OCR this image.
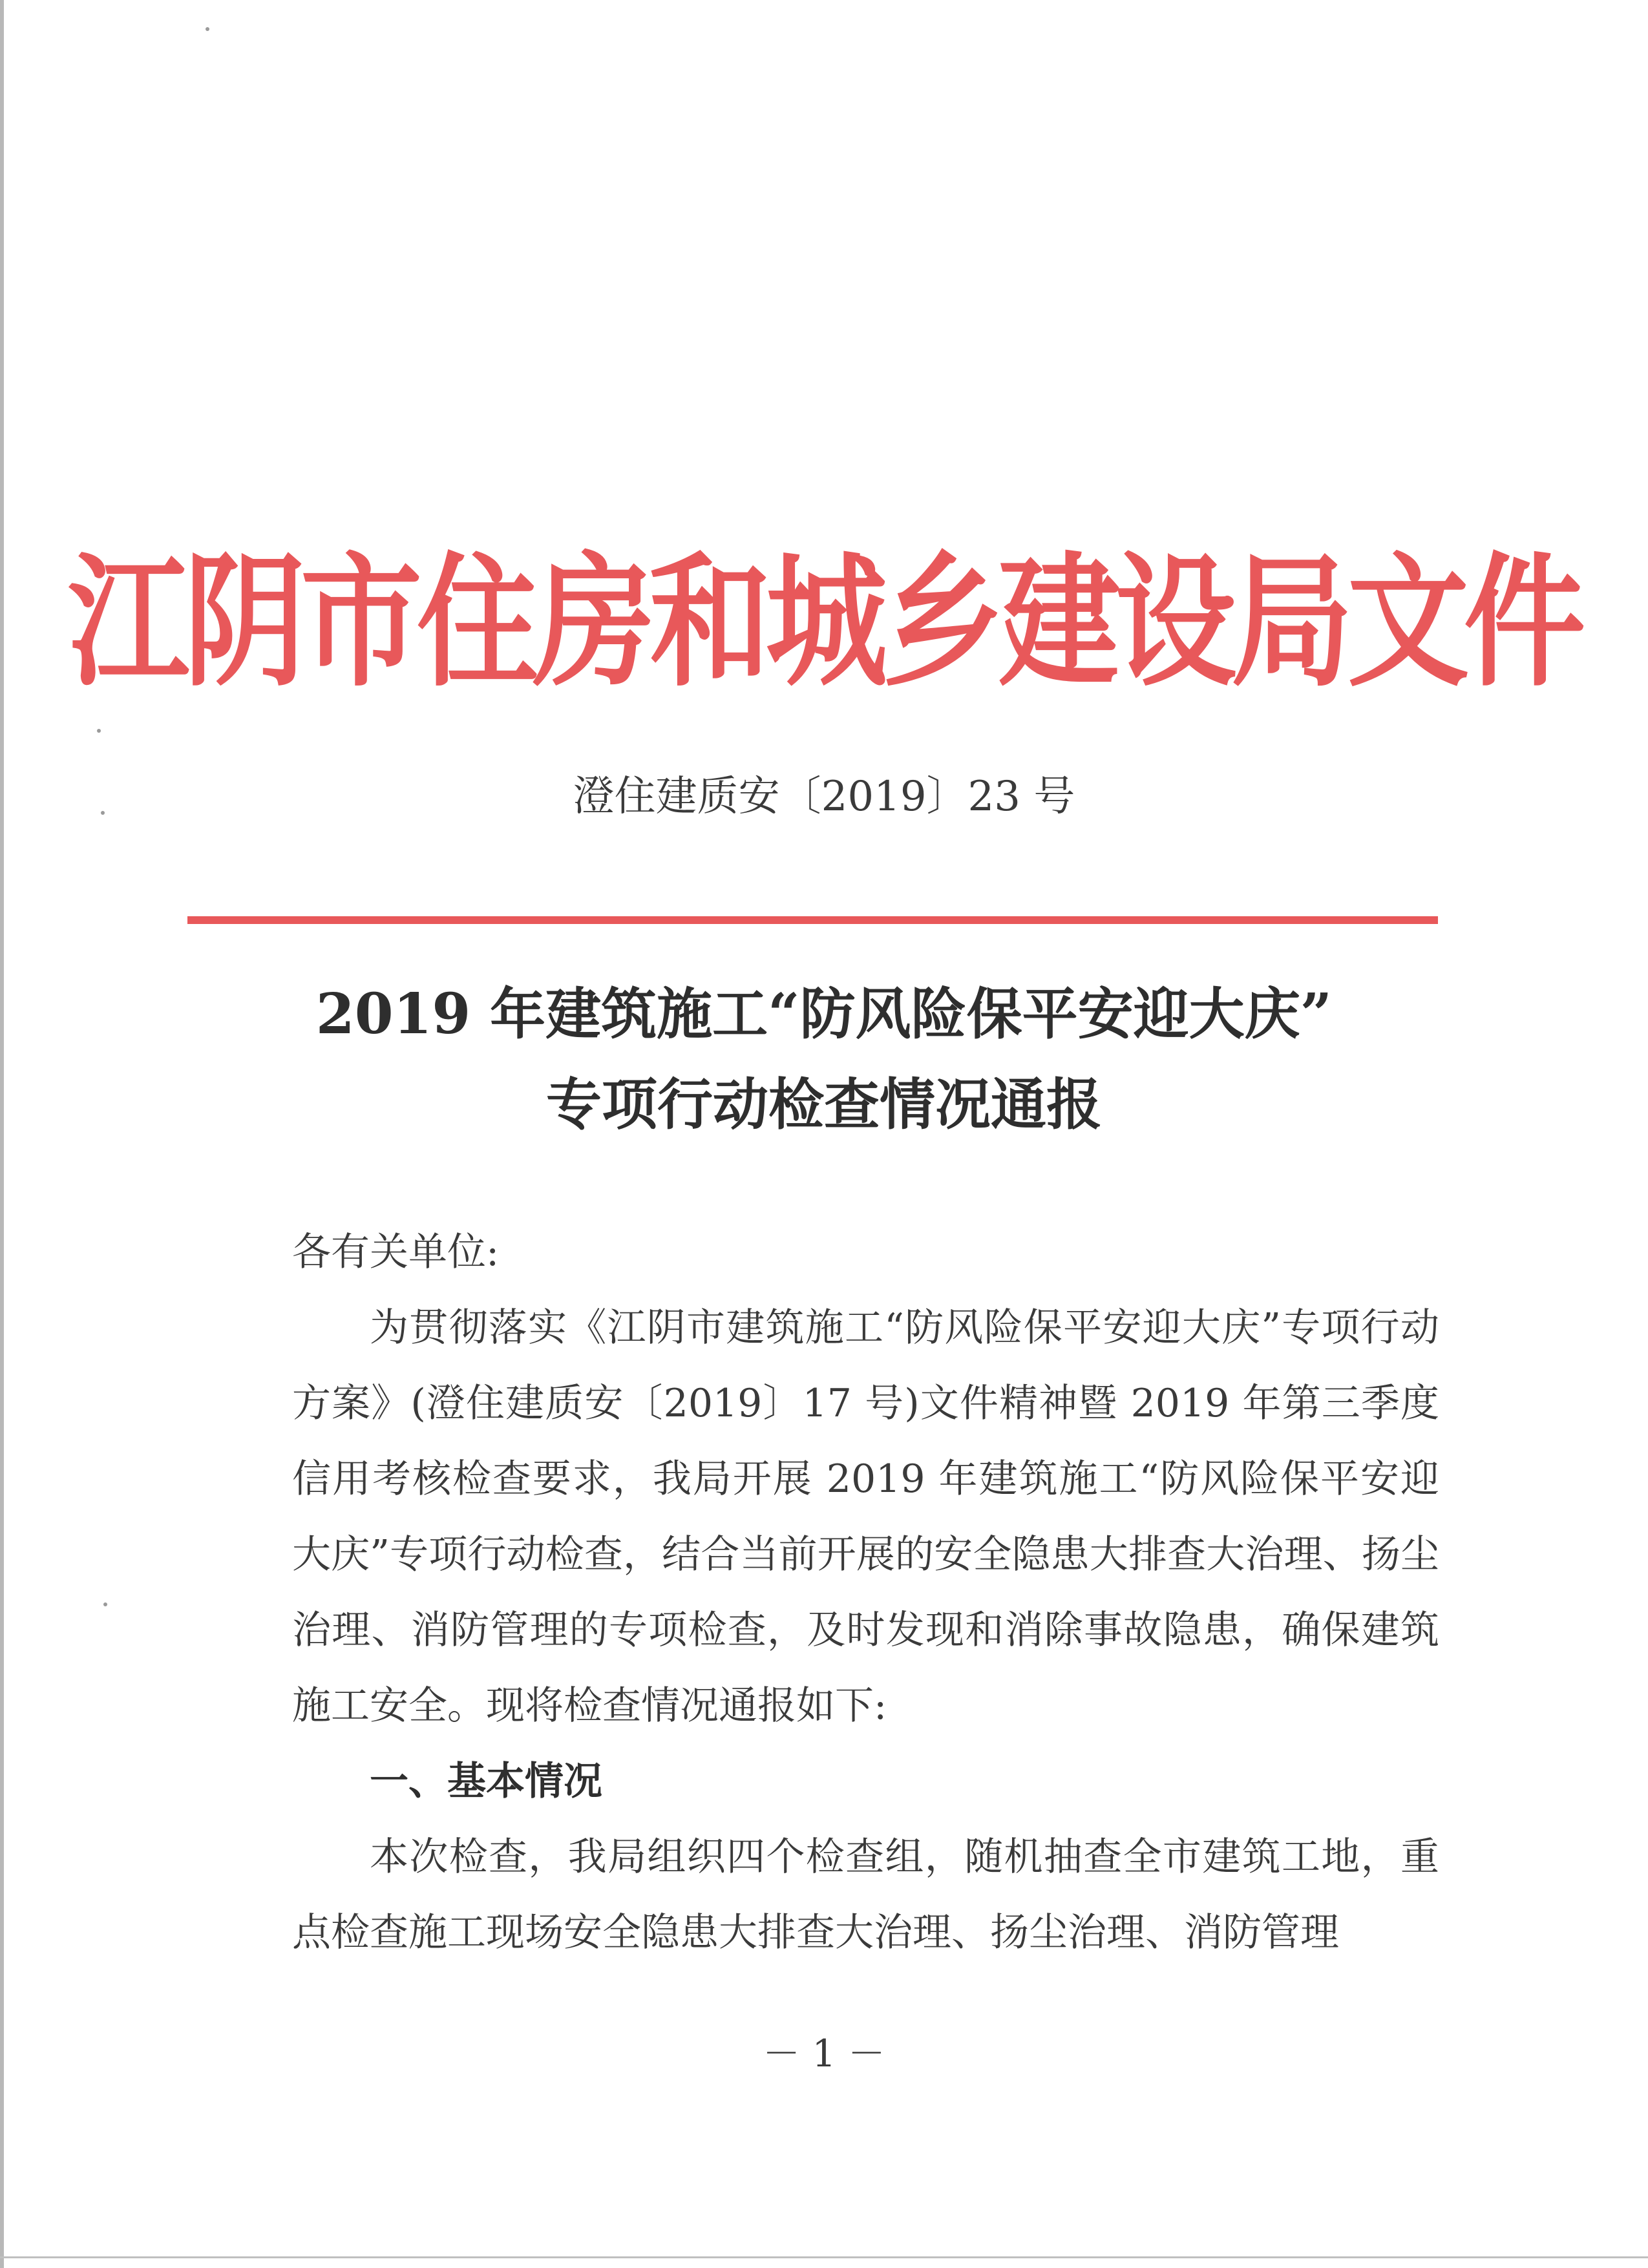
江阴市住房和城乡建设局文件
澄住建质安〔2019〕23 号
2019 年建筑施工“防风险保平安迎大庆”
专项行动检查情况通报

各有关单位:

为贯彻落实《江阴市建筑施工“防风险保平安迎大庆”专项行动方案》(澄住建质安〔2019〕17 号)文件精神暨 2019 年第三季度信用考核检查要求，我局开展 2019 年建筑施工“防风险保平安迎大庆”专项行动检查，结合当前开展的安全隐患大排查大治理、扬尘治理、消防管理的专项检查，及时发现和消除事故隐患，确保建筑施工安全。现将检查情况通报如下:

一、基本情况

本次检查，我局组织四个检查组，随机抽查全市建筑工地，重点检查施工现场安全隐患大排查大治理、扬尘治理、消防管理

－ 1 －
